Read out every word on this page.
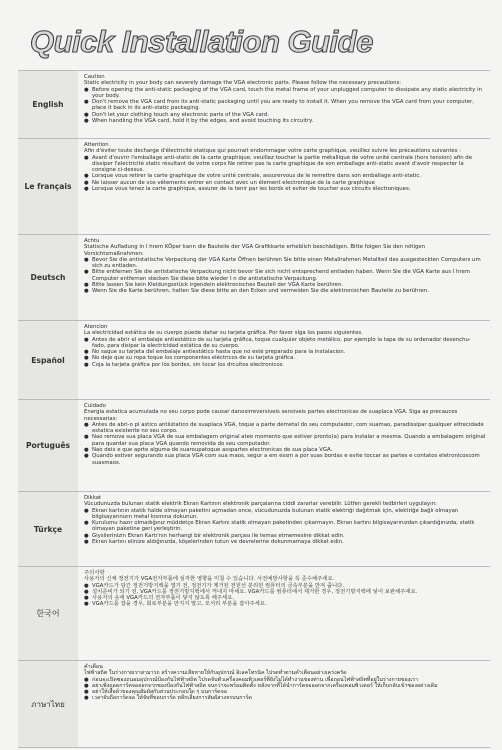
Quick Installation Guide
English
Caution
Static electricity in your body can severely damage the VGA electronic parts. Please follow the necessary precautions:
● Before opening the anti-static packaging of the VGA card, touch the metal frame of your unplugged computer to dissipate any static electricity in your body.
● Don't remove the VGA card from its anti-static packaging until you are ready to install it. When you remove the VGA card from your computer, place it back in its anti-static packaging.
● Don't let your clothing touch any electronic parts of the VGA card.
● When handling the VGA card, hold it by the edges, and avoid touching its circuitry.
Le français
Attention
Afin d'éviter toute decharge d'électricité statique qui pourrait endommager votre carte graphique, veuillez suivre les précautions suivantes :
● Avant d'ouvrir l'emballage anti-static de la carte graphique, veuillez toucher la partie métallique de votre unité centrale (hors tension) afin de dissiper l'electricité static résultant de votre corps Ne retirer pas la carte graphique de son emballage anti-static avant d'avoir respecter la consigne ci-dessus.
● Lorsque vous retirer la carte graphique de votre unité centrale, assurervous de le remettre dans son emballage anti-static.
● Ne laisser aucun de vos vêtements entrer en contact avec un élement electronique de la carte graphique
● Lorsque vous tenez la carte graphique, assurer de la tenir par les bords et eviter de toucher aux circuits électroniques.
Deutsch
Achtu
Statische Aufladung in I hrem KÖper kann die Bauteile der VGA Grafikkarte erheblich beschädigen. Bitte folgen Sie den nötigen Vorsichtsmaßnahmen:
● Bevor Sie die antistatische Verpackung der VGA Karte Öffnen berühren Sie bitte einen Metallrahmen Metallteil des ausgesteckten Computers um sich zu entladen.
● Bitte entfernen Sie die antistatische Verpackung nicht bevor Sie sich nicht entsprechend entladen haben. Wenn Sie die VGA Karte aus I hrem Computer entfernen stecken Sie diese bitte wieder I n die antistatische Verpackung.
● Bitte lassen Sie kein Kleidungsstück irgendein elektronisches Bauteil der VGA Karte berühren.
● Wenn Sie die Karte berühren, halten Sie diese bitte an den Ecken und vermeiden Sie die elektronischen Bauteile zu berühren.
Español
Atencion
La electricidad estática de su cuerpo puede dañar su tarjeta gráfica. Por favor siga los pasos siguientes.
● Antes de abrir el embalaje antiestático de su tarjeta gráfica, toque cualquier objeto metálico, por ejemplo la tapa de su ordenador desenchu- fado, para disipar la electricidad estática de su cuerpo.
● No saque su tarjeta del embalaje antiestático hasta que no esté preparado para la instalacion.
● No deje que su ropa toque los componentes eléctricos de su tarjeta gráfica.
● Coja la tarjeta gráfica por los bordes, sin tocar los drcuitos electronicos.
Português
Cuidado
Energia estatica acumulada no seu corpo pode causar danosirreversiveis sensiveis partes electronicas de suaplaca VGA. Siga as precauces necessarias:
● Antes de abri-o pl astico antiistatico de suaplaca VGA, toque a parte demetal do seu computador, com suamao, paradissipar qualquer eltrecidade estatica existente no seu corpo.
● Nao remova sua placa VGA de sua embalagem original ateo momento que estiver pronto(a) para instalar a mesma. Quando a embalagem original para quardar sua placa VGA quando removida do seu computador.
● Nao deix e que aprte alguma de suaroupatoque asspartes electronicas de sua placa VGA.
● Quando estiver segurando sua placa VGA com sua maos, segur a em essm a por suas bordas e evite toccar as partes e contatos eletronicoscom suasmaos.
Türkçe
Dikkat
Vücudunuzda bulunan statik elektrik Ekran Kartının elektronik parçalarına ciddi zararlar verebilir. Lütfen gerekli tedbirleri uygulayın:
● Ekran kartının statik halde olmayan paketini açmadan once, vücudunuzda bulunan statik elektriği dağıtmak için, elektriğe bağlı olmayan bilgisayarınızın metal kısmına dokunun.
● Kurulumu hazır olmadığınız müddetçe Ekran Kartını statik olmayan paketinden çıkarmayın. Ekran kartını bilgisayarınızdan çıkardığınızda, statik olmayan paketine geri yerleştirin.
● Giysilerinizin Ekran Kartı'nın herhangi bir elektronik parçası ile temas etmemesine dikkat edin.
● Ekran kartını elinize aldığınızda, köşelerinden tutun ve devrelerine dokunmamaya dikkat edin.
한국어
주의사항
사용자의 신체 정전기가 VGA전자부품에 심각한 영향을 미칠 수 있습니다. 사전예방사항을 꼭 준수해주세요.
● VGA카드가 담긴 정전기방지백을 열기 전, 정전기가 제거된 전원선 분리된 컴퓨터의 금속부분을 만져 줍니다.
● 설치준비가 되기 전, VGA카드를 정전기방지백에서 꺼내지 마세요. VGA카드를 컴퓨터에서 제거한 경우, 정전기방지백에 넣어 보관해주세요.
● 사용자의 옷에 VGA카드의 전자부품이 닿지 않도록 해주세요.
● VGA카드를 잡을 경우, 회로부분을 만지지 말고, 모서리 부분을 잡아주세요.
ภาษาไทย
คำเตือน
ไฟฟ้าสถิต ในร่างกายเราสามารถ สร้างความเสียหายให้กับอุปกรณ์ อิเลคโทรนิค ไปรดทำตามคำเตือนอย่างเคร่งครัด
● ก่อนจะเปิดซองถนอมอุปกรณ์ป้องกันไฟฟ้าสถิต ไปรดจับตัวเครื่องคอมพิวเตอร์ที่ยังไม่ได้ทำงานของท่าน เพื่อถอนไฟฟ้าสถิตที่อยู่ในร่างกายของเรา
● อย่าเพิ่งถอดการ์ดจอออกจากซองป้องกันไฟฟ้าสถิต จนกว่าจะพร้อมติดตั้ง หลังจากที่ได้นำการ์ดจอออกจากเครื่องคอมพิวเตอร์ ให้เก็บกลับเข้าซองอย่างเดิม
● อย่าให้เสื้อผ้าของคุณสัมผัสกับส่วนประกอบใด ๆ บนการ์ดจอ
● เวลาจับถือการ์ดจอ ให้จับที่ขอบการ์ด หลีกเลี่ยงการสัมผัสวงจรบนการ์ด
